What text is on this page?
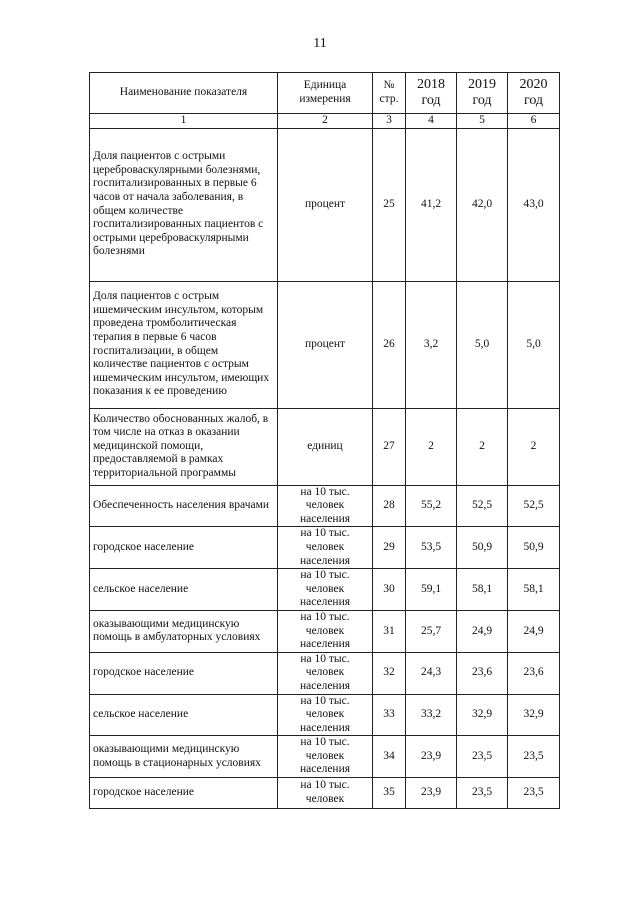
11
Наименование показателя	Единица измерения	№ стр.	2018 год	2019 год	2020 год
1	2	3	4	5	6
Доля пациентов с острыми цереброваскулярными болезнями, госпитализированных в первые 6 часов от начала заболевания, в общем количестве госпитализированных пациентов с острыми цереброваскулярными болезнями	процент	25	41,2	42,0	43,0
Доля пациентов с острым ишемическим инсультом, которым проведена тромболитическая терапия в первые 6 часов госпитализации, в общем количестве пациентов с острым ишемическим инсультом, имеющих показания к ее проведению	процент	26	3,2	5,0	5,0
Количество обоснованных жалоб, в том числе на отказ в оказании медицинской помощи, предоставляемой в рамках территориальной программы	единиц	27	2	2	2
Обеспеченность населения врачами	на 10 тыс. человек населения	28	55,2	52,5	52,5
городское население	на 10 тыс. человек населения	29	53,5	50,9	50,9
сельское население	на 10 тыс. человек населения	30	59,1	58,1	58,1
оказывающими медицинскую помощь в амбулаторных условиях	на 10 тыс. человек населения	31	25,7	24,9	24,9
городское население	на 10 тыс. человек населения	32	24,3	23,6	23,6
сельское население	на 10 тыс. человек населения	33	33,2	32,9	32,9
оказывающими медицинскую помощь в стационарных условиях	на 10 тыс. человек населения	34	23,9	23,5	23,5
городское население	на 10 тыс. человек	35	23,9	23,5	23,5
